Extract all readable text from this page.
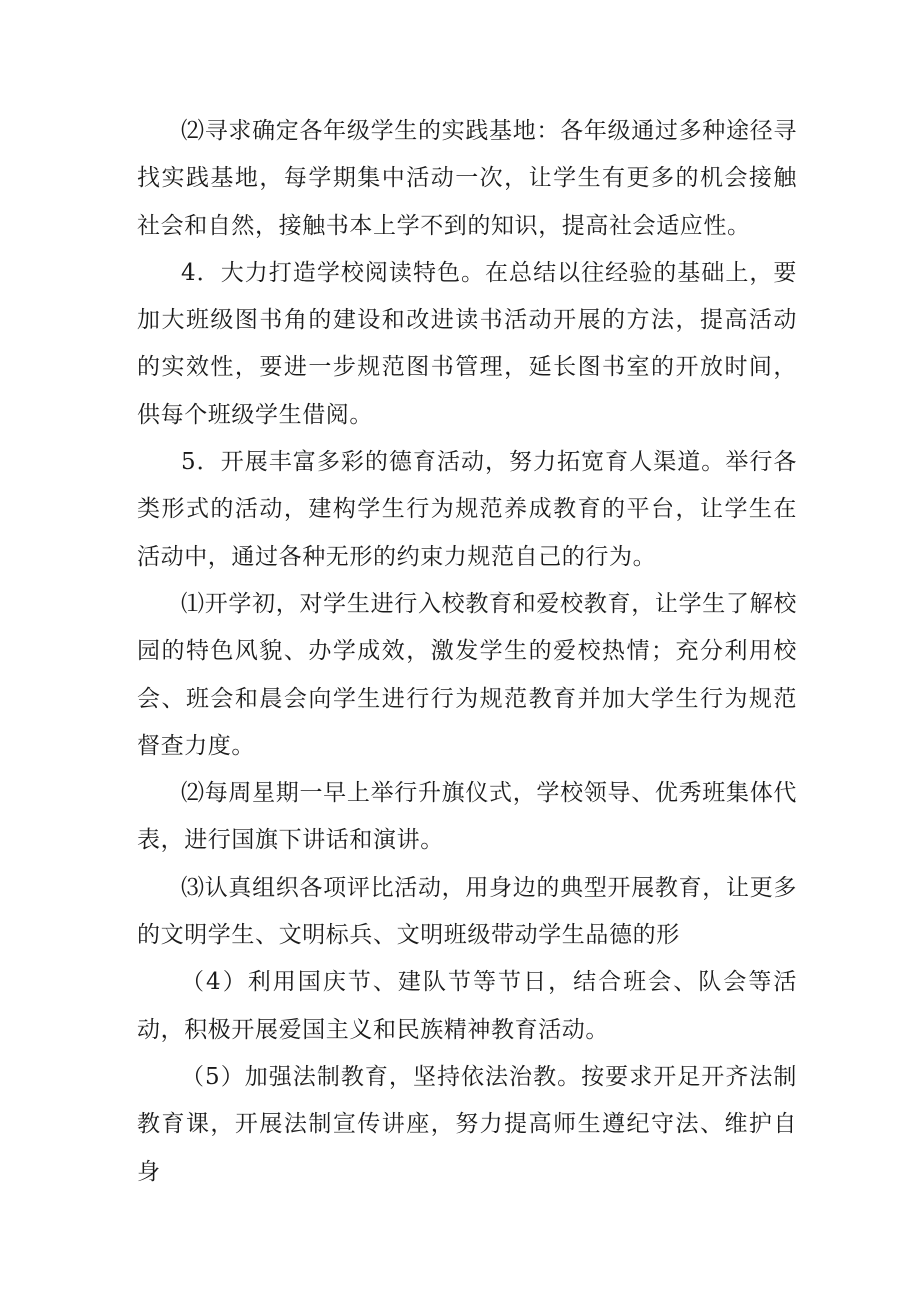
⑵寻求确定各年级学生的实践基地：各年级通过多种途径寻找实践基地，每学期集中活动一次，让学生有更多的机会接触社会和自然，接触书本上学不到的知识，提高社会适应性。

4．大力打造学校阅读特色。在总结以往经验的基础上，要加大班级图书角的建设和改进读书活动开展的方法，提高活动的实效性，要进一步规范图书管理，延长图书室的开放时间，供每个班级学生借阅。

5．开展丰富多彩的德育活动，努力拓宽育人渠道。举行各类形式的活动，建构学生行为规范养成教育的平台，让学生在活动中，通过各种无形的约束力规范自己的行为。

⑴开学初，对学生进行入校教育和爱校教育，让学生了解校园的特色风貌、办学成效，激发学生的爱校热情；充分利用校会、班会和晨会向学生进行行为规范教育并加大学生行为规范督查力度。

⑵每周星期一早上举行升旗仪式，学校领导、优秀班集体代表，进行国旗下讲话和演讲。

⑶认真组织各项评比活动，用身边的典型开展教育，让更多的文明学生、文明标兵、文明班级带动学生品德的形

（4）利用国庆节、建队节等节日，结合班会、队会等活动，积极开展爱国主义和民族精神教育活动。

（5）加强法制教育，坚持依法治教。按要求开足开齐法制教育课，开展法制宣传讲座，努力提高师生遵纪守法、维护自身
